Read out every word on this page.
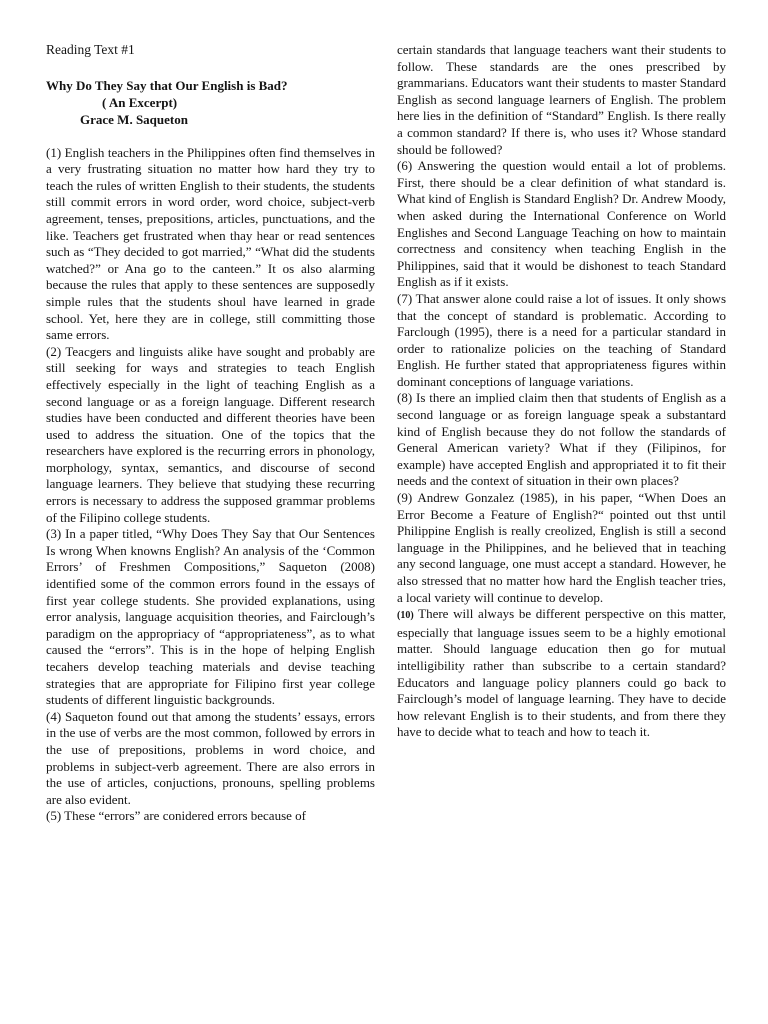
Reading Text #1
Why Do They Say that Our English is Bad?
( An Excerpt)
Grace M. Saqueton

(1) English teachers in the Philippines often find themselves in a very frustrating situation no matter how hard they try to teach the rules of written English to their students, the students still commit errors in word order, word choice, subject-verb agreement, tenses, prepositions, articles, punctuations, and the like. Teachers get frustrated when thay hear or read sentences such as “They decided to got married,” “What did the students watched?” or Ana go to the canteen.” It os also alarming because the rules that apply to these sentences are supposedly simple rules that the students shoul have learned in grade school. Yet, here they are in college, still committing those same errors.

(2) Teacgers and linguists alike have sought and probably are still seeking for ways and strategies to teach English effectively especially in the light of teaching English as a second language or as a foreign language. Different research studies have been conducted and different theories have been used to address the situation. One of the topics that the researchers have explored is the recurring errors in phonology, morphology, syntax, semantics, and discourse of second language learners. They believe that studying these recurring errors is necessary to address the supposed grammar problems of the Filipino college students.

(3) In a paper titled, “Why Does They Say that Our Sentences Is wrong When knowns English? An analysis of the ‘Common Errors’ of Freshmen Compositions,” Saqueton (2008) identified some of the common errors found in the essays of first year college students. She provided explanations, using error analysis, language acquisition theories, and Fairclough’s paradigm on the appropriacy of “appropriateness”, as to what caused the “errors”. This is in the hope of helping English tecahers develop teaching materials and devise teaching strategies that are appropriate for Filipino first year college students of different linguistic backgrounds.

(4) Saqueton found out that among the students’ essays, errors in the use of verbs are the most common, followed by errors in the use of prepositions, problems in word choice, and problems in subject-verb agreement. There are also errors in the use of articles, conjuctions, pronouns, spelling problems are also evident.

(5) These “errors” are conidered errors because of

certain standards that language teachers want their students to follow. These standards are the ones prescribed by grammarians. Educators want their students to master Standard English as second language learners of English. The problem here lies in the definition of “Standard” English. Is there really a common standard? If there is, who uses it? Whose standard should be followed?

(6) Answering the question would entail a lot of problems. First, there should be a clear definition of what standard is. What kind of English is Standard English? Dr. Andrew Moody, when asked during the International Conference on World Englishes and Second Language Teaching on how to maintain correctness and consitency when teaching English in the Philippines, said that it would be dishonest to teach Standard English as if it exists.

(7) That answer alone could raise a lot of issues. It only shows that the concept of standard is problematic. According to Farclough (1995), there is a need for a particular standard in order to rationalize policies on the teaching of Standard English. He further stated that appropriateness figures within dominant conceptions of language variations.

(8) Is there an implied claim then that students of English as a second language or as foreign language speak a substantard kind of English because they do not follow the standards of General American variety? What if they (Filipinos, for example) have accepted English and appropriated it to fit their needs and the context of situation in their own places?

(9) Andrew Gonzalez (1985), in his paper, “When Does an Error Become a Feature of English?“ pointed out thst until Philippine English is really creolized, English is still a second language in the Philippines, and he believed that in teaching any second language, one must accept a standard. However, he also stressed that no matter how hard the English teacher tries, a local variety will continue to develop.

(10) There will always be different perspective on this matter, especially that language issues seem to be a highly emotional matter. Should language education then go for mutual intelligibility rather than subscribe to a certain standard? Educators and language policy planners could go back to Fairclough’s model of language learning. They have to decide how relevant English is to their students, and from there they have to decide what to teach and how to teach it.
